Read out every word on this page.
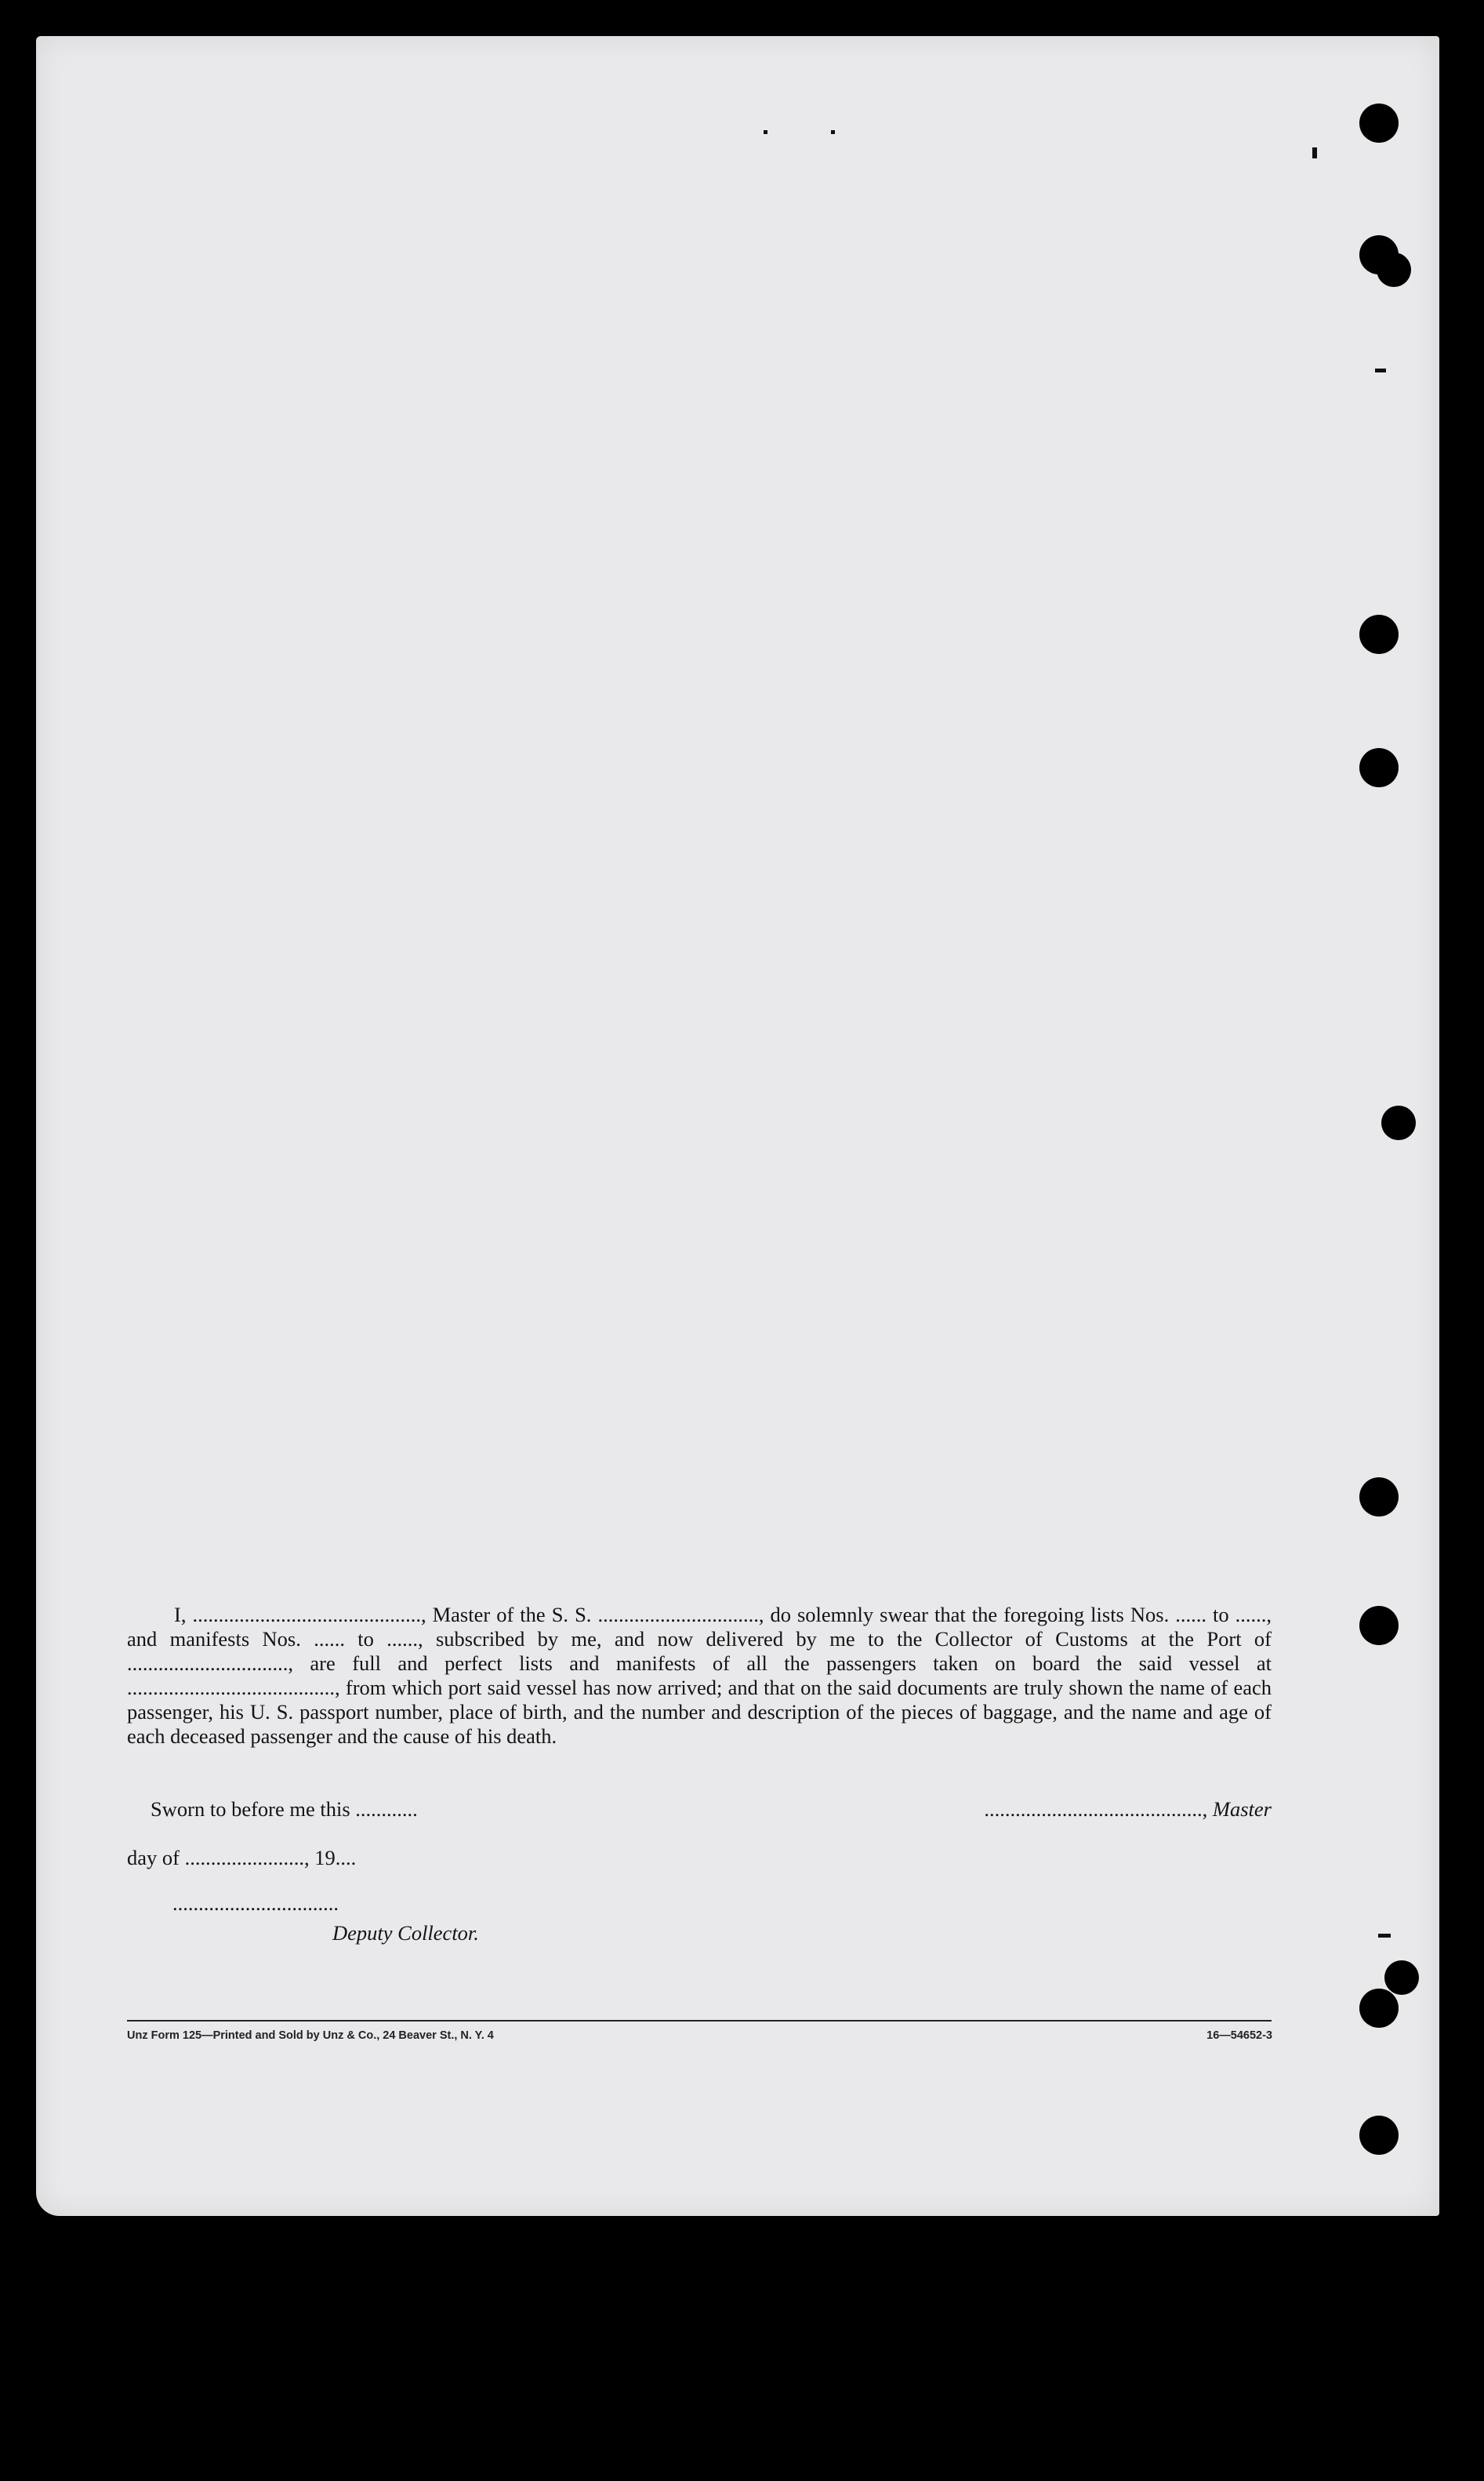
I, ............................................, Master of the S. S. ..............................., do solemnly swear that the foregoing lists Nos. ...... to ......, and manifests Nos. ...... to ......, subscribed by me, and now delivered by me to the Collector of Customs at the Port of ..............................., are full and perfect lists and manifests of all the passengers taken on board the said vessel at ........................................, from which port said vessel has now arrived; and that on the said documents are truly shown the name of each passenger, his U. S. passport number, place of birth, and the number and description of the pieces of baggage, and the name and age of each deceased passenger and the cause of his death.

Sworn to before me this ............	.........................................., Master
day of ......................., 19....
................................
Deputy Collector.
Unz Form 125—Printed and Sold by Unz & Co., 24 Beaver St., N. Y. 4	16—54652-3
